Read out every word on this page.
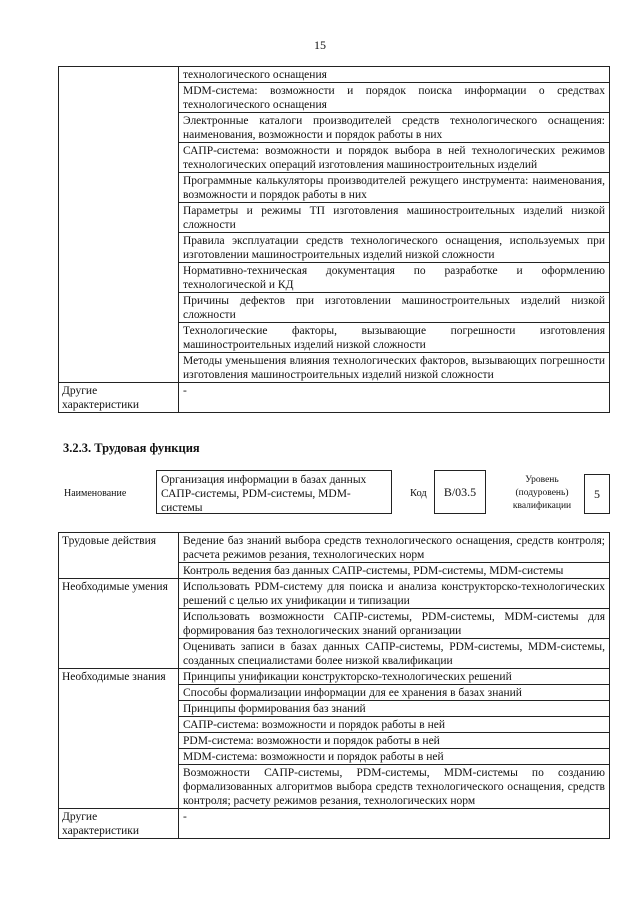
15
	технологического оснащения
	MDM-система: возможности и порядок поиска информации о средствах технологического оснащения
	Электронные каталоги производителей средств технологического оснащения: наименования, возможности и порядок работы в них
	САПР-система: возможности и порядок выбора в ней технологических режимов технологических операций изготовления машиностроительных изделий
	Программные калькуляторы производителей режущего инструмента: наименования, возможности и порядок работы в них
	Параметры и режимы ТП изготовления машиностроительных изделий низкой сложности
	Правила эксплуатации средств технологического оснащения, используемых при изготовлении машиностроительных изделий низкой сложности
	Нормативно-техническая документация по разработке и оформлению технологической и КД
	Причины дефектов при изготовлении машиностроительных изделий низкой сложности
	Технологические факторы, вызывающие погрешности изготовления машиностроительных изделий низкой сложности
	Методы уменьшения влияния технологических факторов, вызывающих погрешности изготовления машиностроительных изделий низкой сложности
Другие характеристики	-
3.2.3. Трудовая функция
Наименование
Организация информации в базах данных САПР-системы, PDM-системы, MDM-системы
Код	B/03.5
Уровень (подуровень) квалификации
5
Трудовые действия	Ведение баз знаний выбора средств технологического оснащения, средств контроля; расчета режимов резания, технологических норм
	Контроль ведения баз данных САПР-системы, PDM-системы, MDM-системы
Необходимые умения	Использовать PDM-систему для поиска и анализа конструкторско-технологических решений с целью их унификации и типизации
	Использовать возможности САПР-системы, PDM-системы, MDM-системы для формирования баз технологических знаний организации
	Оценивать записи в базах данных САПР-системы, PDM-системы, MDM-системы, созданных специалистами более низкой квалификации
Необходимые знания	Принципы унификации конструкторско-технологических решений
	Способы формализации информации для ее хранения в базах знаний
	Принципы формирования баз знаний
	САПР-система: возможности и порядок работы в ней
	PDM-система: возможности и порядок работы в ней
	MDM-система: возможности и порядок работы в ней
	Возможности САПР-системы, PDM-системы, MDM-системы по созданию формализованных алгоритмов выбора средств технологического оснащения, средств контроля; расчету режимов резания, технологических норм
Другие характеристики	-
